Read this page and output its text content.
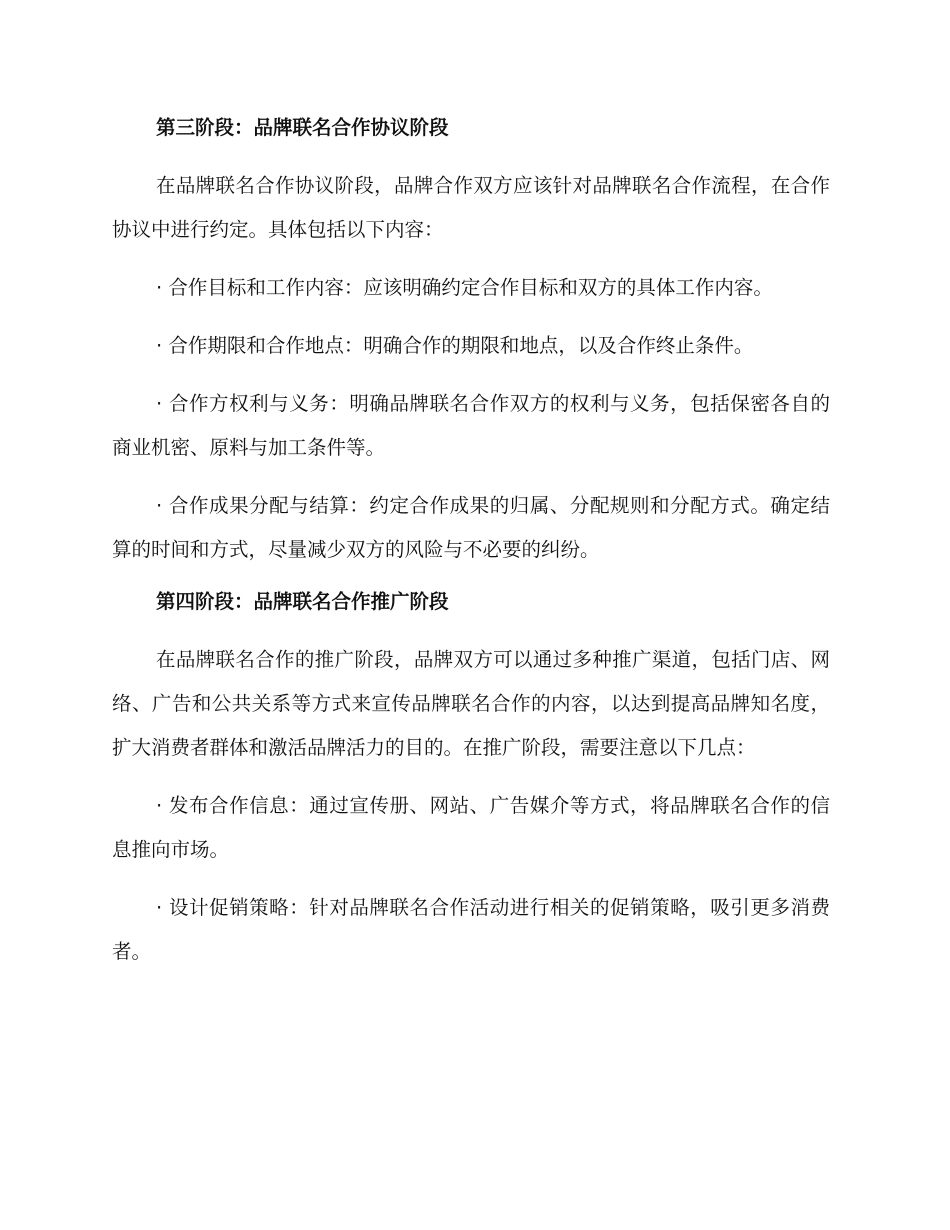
第三阶段：品牌联名合作协议阶段

在品牌联名合作协议阶段，品牌合作双方应该针对品牌联名合作流程，在合作协议中进行约定。具体包括以下内容：

· 合作目标和工作内容：应该明确约定合作目标和双方的具体工作内容。

· 合作期限和合作地点：明确合作的期限和地点，以及合作终止条件。

· 合作方权利与义务：明确品牌联名合作双方的权利与义务，包括保密各自的商业机密、原料与加工条件等。

· 合作成果分配与结算：约定合作成果的归属、分配规则和分配方式。确定结算的时间和方式，尽量减少双方的风险与不必要的纠纷。

第四阶段：品牌联名合作推广阶段

在品牌联名合作的推广阶段，品牌双方可以通过多种推广渠道，包括门店、网络、广告和公共关系等方式来宣传品牌联名合作的内容，以达到提高品牌知名度，扩大消费者群体和激活品牌活力的目的。在推广阶段，需要注意以下几点：

· 发布合作信息：通过宣传册、网站、广告媒介等方式，将品牌联名合作的信息推向市场。

· 设计促销策略：针对品牌联名合作活动进行相关的促销策略，吸引更多消费者。
